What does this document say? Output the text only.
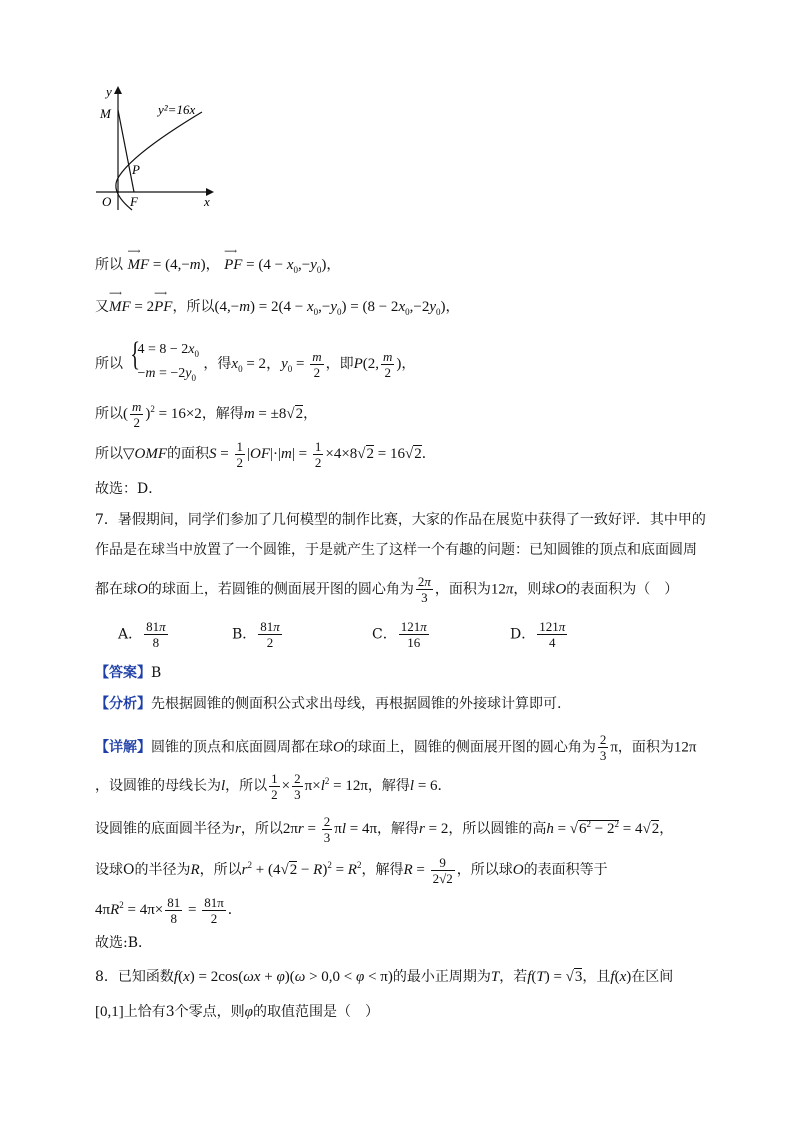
y²=16x
y
x
M
P
O F
所以 ⟶ MF = (4,−m)， ⟶ PF = $(4 - x_0,-y_0)$，
又⟶ MF = 2⟶ PF，所以$(4,-m) = 2(4 - x_0,-y_0) = (8 - 2x_0,-2y_0)$，
所以 {
$4 = 8 - 2x_0$
$-m = -2y_0$
，得$x_0 = 2$，$y_0 = \frac{m}{2}$ ，即P(2, $\frac{m}{2}$ )，
所以( $\frac{m}{2} )^2 = 16\times 2$，解得m = ±8√2，
所以▽OMF的面积$S = \frac{1}{2} |OF|\cdot|m| = \frac{1}{2} \times 4\times 8√2 = 16√2$．
故选：D．
7．暑假期间，同学们参加了几何模型的制作比赛，大家的作品在展览中获得了一致好评．其中甲的
作品是在球当中放置了一个圆锥，于是就产生了这样一个有趣的问题：已知圆锥的顶点和底面圆周
都在球O的球面上，若圆锥的侧面展开图的圆心角为 $\frac{2\pi}{3}$ ，面积为12π，则球O的表面积为（　）
A． $\frac{81\pi}{8}$	B． $\frac{81\pi}{2}$	C． $\frac{121\pi}{16}$	D． $\frac{121\pi}{4}$
【答案】B
【分析】先根据圆锥的侧面积公式求出母线，再根据圆锥的外接球计算即可.
【详解】圆锥的顶点和底面圆周都在球O的球面上，圆锥的侧面展开图的圆心角为 $\frac{2}{3}$ π，面积为12π
，设圆锥的母线长为l，所以 $\frac{1}{2} \times \frac{2}{3} \pi\times l^2 = 12\pi$，解得l = 6．
设圆锥的底面圆半径为r，所以$2\pi r = \frac{2}{3}$ πl = 4π，解得r = 2，所以圆锥的高$h = √6^2 - 2^2 = 4√2$，
设球O的半径为R，所以$r^2 + (4√2 - R)^2 = R^2$，解得$R = \frac{9}{2√2}$ ，所以球O的表面积等于
$4\pi R^2 = 4\pi\times \frac{81}{8} = \frac{81\pi}{2}$ ．
故选:B．
8．已知函数f(x) = 2cos(ωx + φ)(ω > 0,0 < φ < π)的最小正周期为T，若f(T) = √3，且f(x)在区间
[0,1]上恰有3个零点，则φ的取值范围是（　）
